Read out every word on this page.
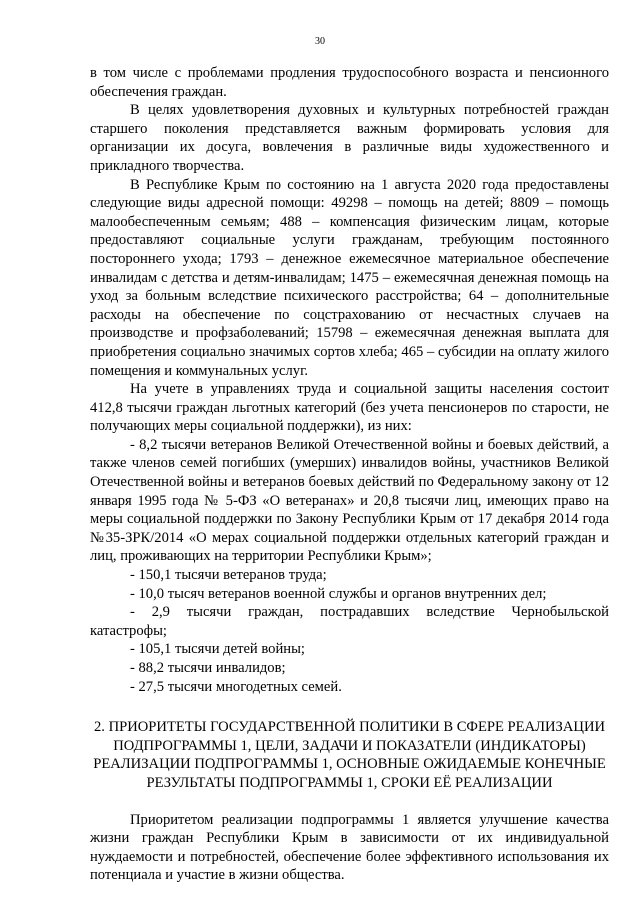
30

в том числе с проблемами продления трудоспособного возраста и пенсионного обеспечения граждан.

В целях удовлетворения духовных и культурных потребностей граждан старшего поколения представляется важным формировать условия для организации их досуга, вовлечения в различные виды художественного и прикладного творчества.

В Республике Крым по состоянию на 1 августа 2020 года предоставлены следующие виды адресной помощи: 49298 – помощь на детей; 8809 – помощь малообеспеченным семьям; 488 – компенсация физическим лицам, которые предоставляют социальные услуги гражданам, требующим постоянного постороннего ухода; 1793 – денежное ежемесячное материальное обеспечение инвалидам с детства и детям-инвалидам; 1475 – ежемесячная денежная помощь на уход за больным вследствие психического расстройства; 64 – дополнительные расходы на обеспечение по соцстрахованию от несчастных случаев на производстве и профзаболеваний; 15798 – ежемесячная денежная выплата для приобретения социально значимых сортов хлеба; 465 – субсидии на оплату жилого помещения и коммунальных услуг.

На учете в управлениях труда и социальной защиты населения состоит 412,8 тысячи граждан льготных категорий (без учета пенсионеров по старости, не получающих меры социальной поддержки), из них:

- 8,2 тысячи ветеранов Великой Отечественной войны и боевых действий, а также членов семей погибших (умерших) инвалидов войны, участников Великой Отечественной войны и ветеранов боевых действий по Федеральному закону от 12 января 1995 года № 5-ФЗ «О ветеранах» и 20,8 тысячи лиц, имеющих право на меры социальной поддержки по Закону Республики Крым от 17 декабря 2014 года №35-ЗРК/2014 «О мерах социальной поддержки отдельных категорий граждан и лиц, проживающих на территории Республики Крым»;

- 150,1 тысячи ветеранов труда;

- 10,0 тысяч ветеранов военной службы и органов внутренних дел;

- 2,9 тысячи граждан, пострадавших вследствие Чернобыльской катастрофы;

- 105,1 тысячи детей войны;

- 88,2 тысячи инвалидов;

- 27,5 тысячи многодетных семей.

2. ПРИОРИТЕТЫ ГОСУДАРСТВЕННОЙ ПОЛИТИКИ В СФЕРЕ РЕАЛИЗАЦИИ ПОДПРОГРАММЫ 1, ЦЕЛИ, ЗАДАЧИ И ПОКАЗАТЕЛИ (ИНДИКАТОРЫ) РЕАЛИЗАЦИИ ПОДПРОГРАММЫ 1, ОСНОВНЫЕ ОЖИДАЕМЫЕ КОНЕЧНЫЕ РЕЗУЛЬТАТЫ ПОДПРОГРАММЫ 1, СРОКИ ЕЁ РЕАЛИЗАЦИИ

Приоритетом реализации подпрограммы 1 является улучшение качества жизни граждан Республики Крым в зависимости от их индивидуальной нуждаемости и потребностей, обеспечение более эффективного использования их потенциала и участие в жизни общества.
